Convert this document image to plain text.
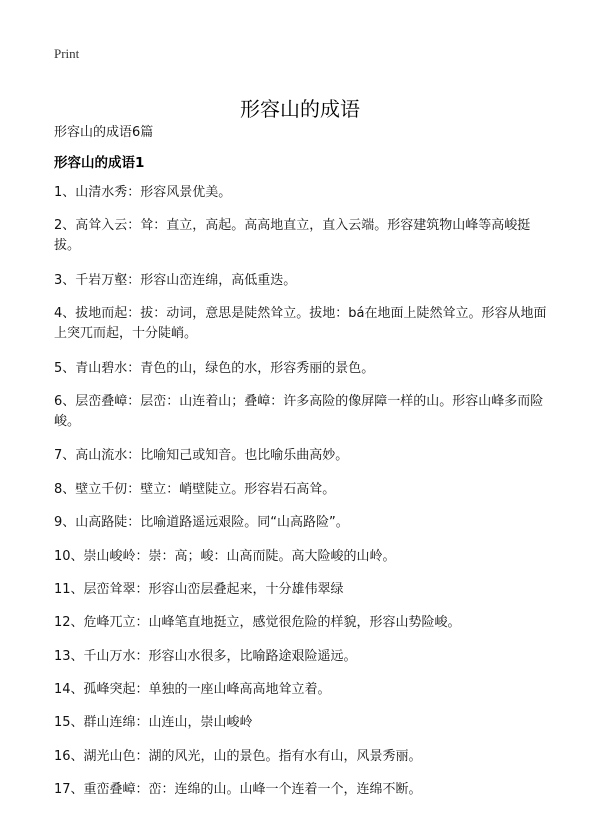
Print
形容山的成语
形容山的成语6篇
形容山的成语1
1、山清水秀：形容风景优美。
2、高耸入云：耸：直立，高起。高高地直立，直入云端。形容建筑物山峰等高峻挺拔。
3、千岩万壑：形容山峦连绵，高低重迭。
4、拔地而起：拔：动词，意思是陡然耸立。拔地：bá在地面上陡然耸立。形容从地面上突兀而起，十分陡峭。
5、青山碧水：青色的山，绿色的水，形容秀丽的景色。
6、层峦叠嶂：层峦：山连着山；叠嶂：许多高险的像屏障一样的山。形容山峰多而险峻。
7、高山流水：比喻知己或知音。也比喻乐曲高妙。
8、壁立千仞：壁立：峭壁陡立。形容岩石高耸。
9、山高路陡：比喻道路遥远艰险。同“山高路险”。
10、崇山峻岭：崇：高；峻：山高而陡。高大险峻的山岭。
11、层峦耸翠：形容山峦层叠起来，十分雄伟翠绿
12、危峰兀立：山峰笔直地挺立，感觉很危险的样貌，形容山势险峻。
13、千山万水：形容山水很多，比喻路途艰险遥远。
14、孤峰突起：单独的一座山峰高高地耸立着。
15、群山连绵：山连山，崇山峻岭
16、湖光山色：湖的风光，山的景色。指有水有山，风景秀丽。
17、重峦叠嶂：峦：连绵的山。山峰一个连着一个，连绵不断。
